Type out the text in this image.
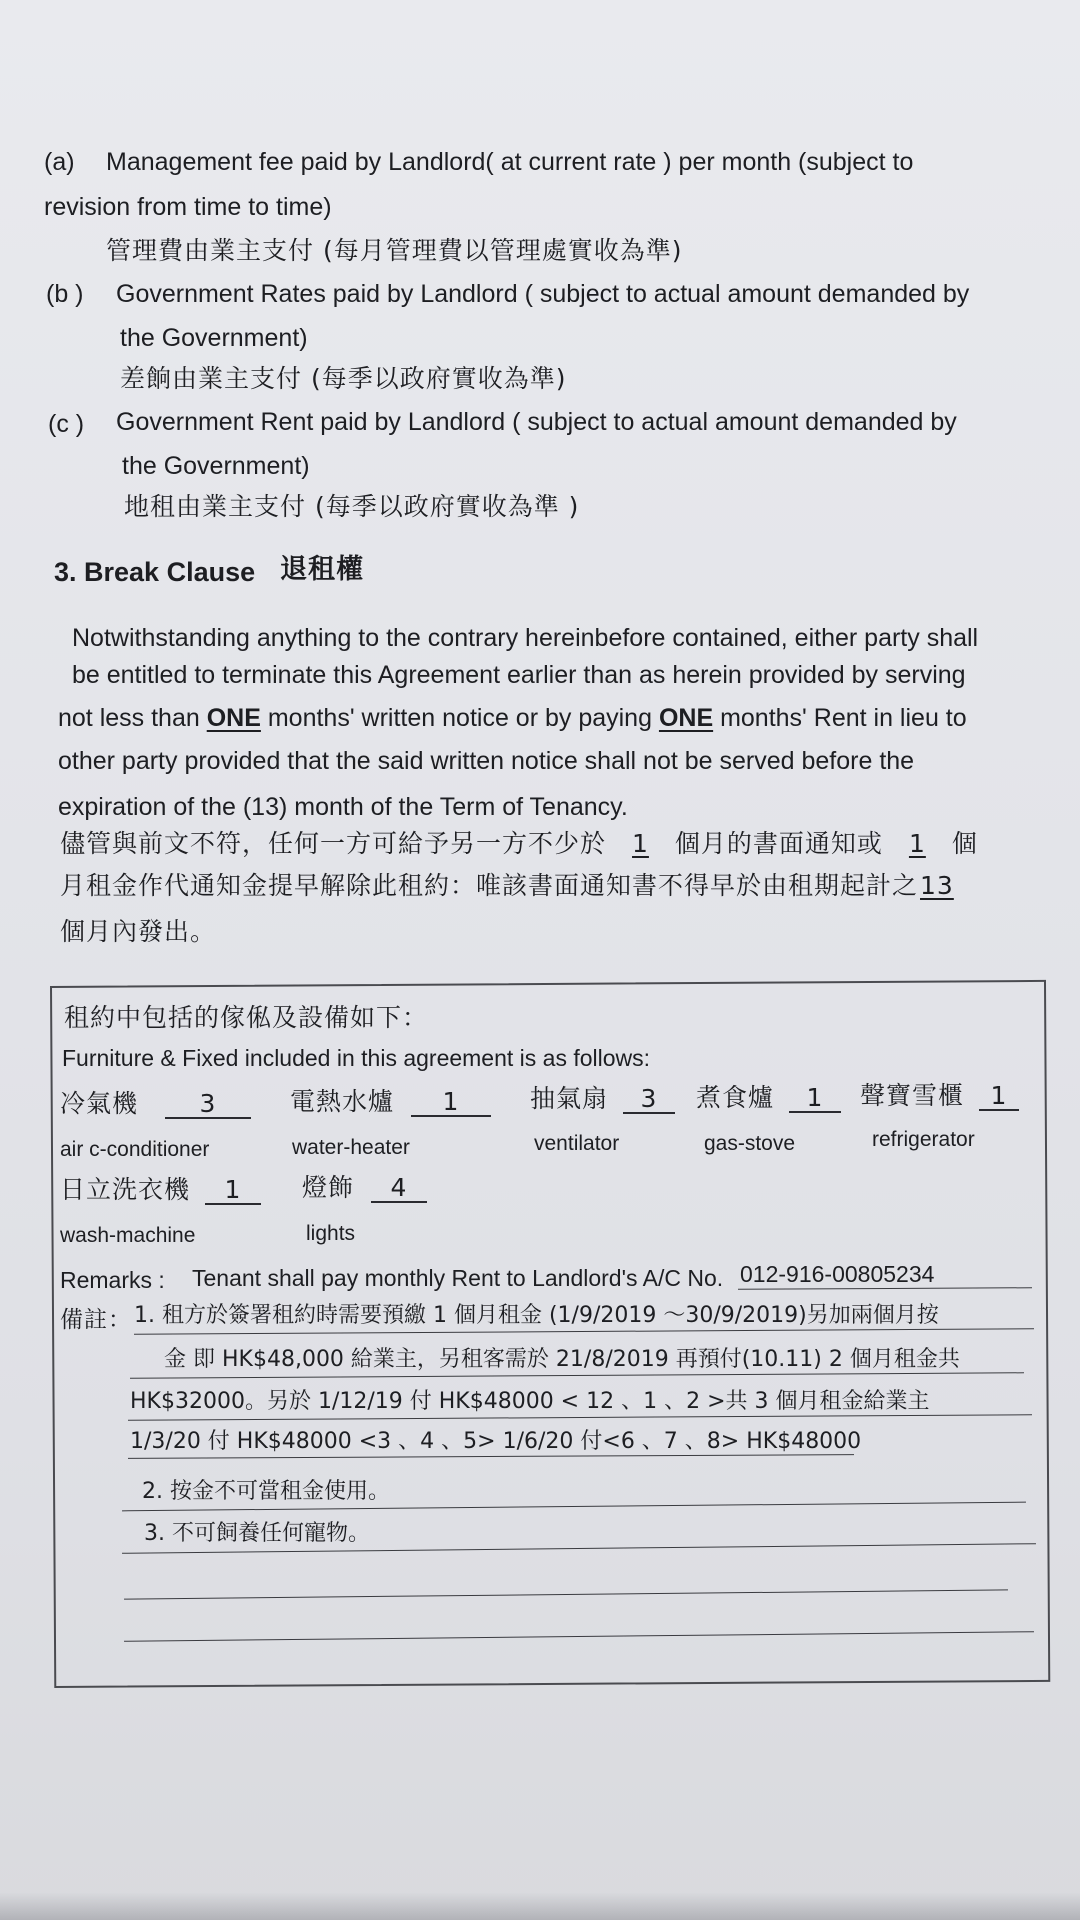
(a) Management fee paid by Landlord( at current rate ) per month (subject to
revision from time to time)
管理費由業主支付 (每月管理費以管理處實收為準)
(b ) Government Rates paid by Landlord ( subject to actual amount demanded by
the Government)
差餉由業主支付 (每季以政府實收為準)
(c ) Government Rent paid by Landlord ( subject to actual amount demanded by
the Government)
地租由業主支付 (每季以政府實收為準 )
3. Break Clause 退租權
Notwithstanding anything to the contrary hereinbefore contained, either party shall
be entitled to terminate this Agreement earlier than as herein provided by serving
not less than ONE months' written notice or by paying ONE months' Rent in lieu to
other party provided that the said written notice shall not be served before the
expiration of the (13) month of the Term of Tenancy.
儘管與前文不符，任何一方可給予另一方不少於 1 個月的書面通知或 1 個
月租金作代通知金提早解除此租約：唯該書面通知書不得早於由租期起計之13
個月內發出。
租約中包括的傢俬及設備如下：
Furniture & Fixed included in this agreement is as follows:
冷氣機 3
air c-conditioner
電熱水爐 1
water-heater
抽氣扇 3
ventilator
煮食爐 1
gas-stove
聲寶雪櫃 1
refrigerator
日立洗衣機 1
wash-machine
燈飾 4
lights
Remarks : Tenant shall pay monthly Rent to Landlord's A/C No. 012-916-00805234
備註： 1. 租方於簽署租約時需要預繳 1 個月租金 (1/9/2019 ～30/9/2019)另加兩個月按
金 即 HK$48,000 給業主，另租客需於 21/8/2019 再預付(10.11) 2 個月租金共
HK$32000。另於 1/12/19 付 HK$48000 < 12 、1 、2 >共 3 個月租金給業主
1/3/20 付 HK$48000 <3 、4 、5> 1/6/20 付<6 、7 、8> HK$48000
2. 按金不可當租金使用。
3. 不可飼養任何寵物。
